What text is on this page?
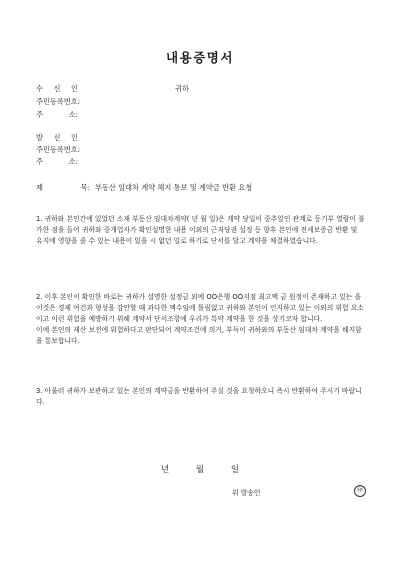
내용증명서
수 신 인	귀하
주민등록번호:
주	소:
발 신 인
주민등록번호:
주	소:
제	목: 부동산 임대차 계약 해지 통보 및 계약금 반환 요청

1. 귀하와 본인간에 있었던 소재 부동산 임대차계약( 년 월 일)은 계약 당일이 중추일인 관계로 등기부 열람이 불가한 점을 들어 귀하와 중개업자가 확인설명한 내용 이외의 근저당권 설정 등 향후 본인에 전세보증금 반환 및 유지에 영향을 줄 수 있는 내용이 있을 시 없던 일로 하기로 단서를 달고 계약을 체결하였습니다.

2. 이후 본인이 확인한 바로는 귀하가 설명한 설정금 외에 OO은행 OO지점 최고액 금 원정이 존재하고 있는 을 이것은 경제 여건과 형성을 감안할 때 과다한 액수임에 틀림없고 귀하와 본인이 인지하고 있는 이외의 위험 요소이고 이런 위험을 예방하기 위해 계약서 단서조항에 우리가 특약 계약을 한 것을 상기코자 합니다.

이에 본인의 재산 보전에 위험하다고 판단되어 계약조건에 의거, 부득이 귀하와의 부동산 임대차 계약을 해지함을 통보합니다.

3. 아울러 귀하가 보관하고 있는 본인의 계약금을 반환하여 주실 것을 요청하오니 즉시 반환하여 주시기 바랍니다.

년	월	일
위 발송인	㊞
